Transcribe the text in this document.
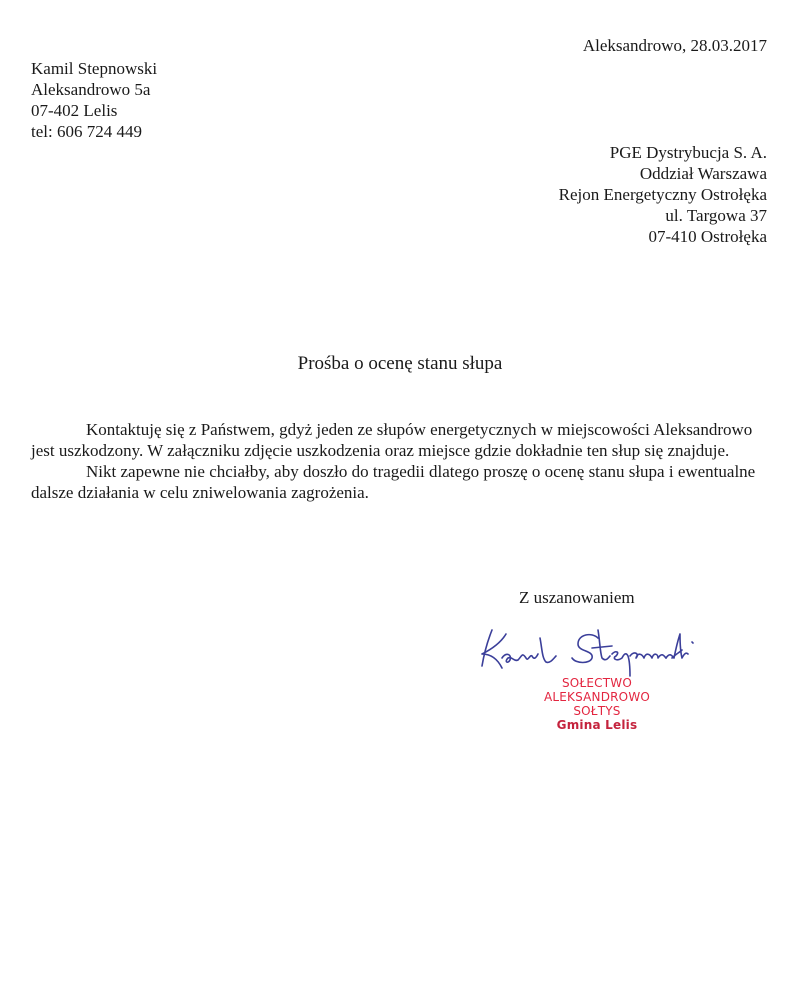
Aleksandrowo, 28.03.2017
Kamil Stepnowski
Aleksandrowo 5a
07-402 Lelis
tel: 606 724 449
PGE Dystrybucja S. A.
Oddział Warszawa
Rejon Energetyczny Ostrołęka
ul. Targowa 37
07-410 Ostrołęka
Prośba o ocenę stanu słupa

Kontaktuję się z Państwem, gdyż jeden ze słupów energetycznych w miejscowości Aleksandrowo jest uszkodzony. W załączniku zdjęcie uszkodzenia oraz miejsce gdzie dokładnie ten słup się znajduje.

Nikt zapewne nie chciałby, aby doszło do tragedii dlatego proszę o ocenę stanu słupa i ewentualne dalsze działania w celu zniwelowania zagrożenia.

Z uszanowaniem
SOŁECTWO
ALEKSANDROWO
SOŁTYS
Gmina Lelis
